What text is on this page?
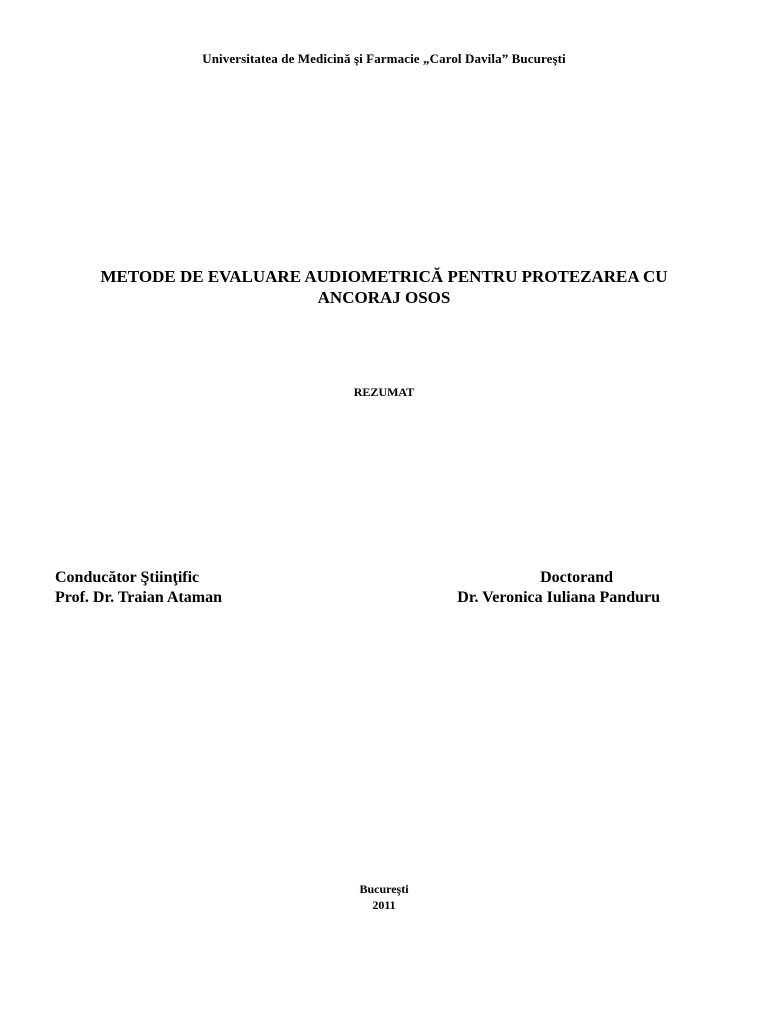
Universitatea de Medicină şi Farmacie „Carol Davila” Bucureşti
METODE DE EVALUARE AUDIOMETRICĂ PENTRU PROTEZAREA CU
ANCORAJ OSOS
REZUMAT
Conducător Ştiinţific
Prof. Dr. Traian Ataman
Doctorand
Dr. Veronica Iuliana Panduru
Bucureşti
2011
